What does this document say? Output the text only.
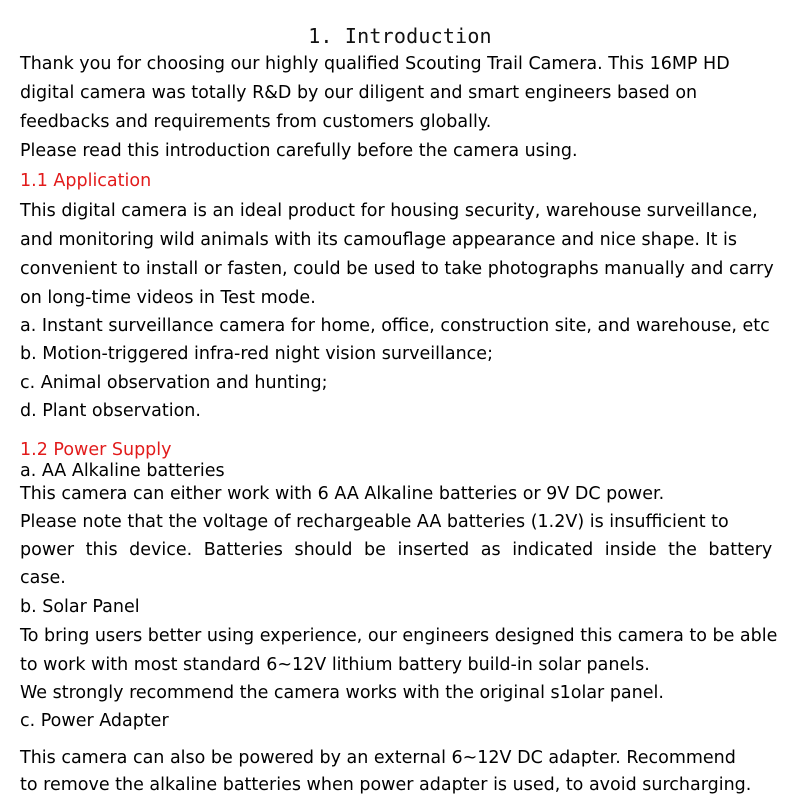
1. Introduction
Thank you for choosing our highly qualified Scouting Trail Camera. This 16MP HD
digital camera was totally R&D by our diligent and smart engineers based on
feedbacks and requirements from customers globally.
Please read this introduction carefully before the camera using.
1.1 Application
This digital camera is an ideal product for housing security, warehouse surveillance,
and monitoring wild animals with its camouflage appearance and nice shape. It is
convenient to install or fasten, could be used to take photographs manually and carry
on long-time videos in Test mode.
a. Instant surveillance camera for home, office, construction site, and warehouse, etc
b. Motion-triggered infra-red night vision surveillance;
c. Animal observation and hunting;
d. Plant observation.
1.2 Power Supply
a. AA Alkaline batteries
This camera can either work with 6 AA Alkaline batteries or 9V DC power.
Please note that the voltage of rechargeable AA batteries (1.2V) is insufficient to
power this device. Batteries should be inserted as indicated inside the battery
case.
b. Solar Panel
To bring users better using experience, our engineers designed this camera to be able
to work with most standard 6~12V lithium battery build-in solar panels.
We strongly recommend the camera works with the original s1olar panel.
c. Power Adapter
This camera can also be powered by an external 6~12V DC adapter. Recommend
to remove the alkaline batteries when power adapter is used, to avoid surcharging.
